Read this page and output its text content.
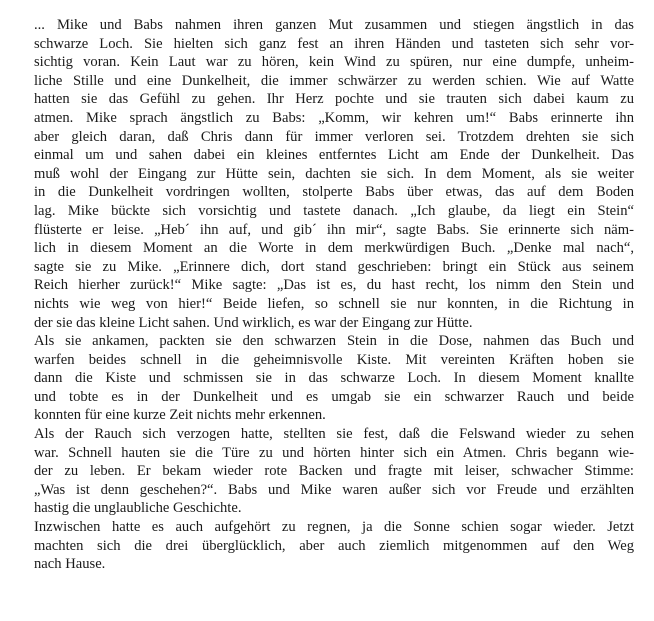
... Mike und Babs nahmen ihren ganzen Mut zusammen und stiegen ängstlich in das
schwarze Loch. Sie hielten sich ganz fest an ihren Händen und tasteten sich sehr vor-
sichtig voran. Kein Laut war zu hören, kein Wind zu spüren, nur eine dumpfe, unheim-
liche Stille und eine Dunkelheit, die immer schwärzer zu werden schien. Wie auf Watte
hatten sie das Gefühl zu gehen. Ihr Herz pochte und sie trauten sich dabei kaum zu
atmen. Mike sprach ängstlich zu Babs: „Komm, wir kehren um!“ Babs erinnerte ihn
aber gleich daran, daß Chris dann für immer verloren sei. Trotzdem drehten sie sich
einmal um und sahen dabei ein kleines entferntes Licht am Ende der Dunkelheit. Das
muß wohl der Eingang zur Hütte sein, dachten sie sich. In dem Moment, als sie weiter
in die Dunkelheit vordringen wollten, stolperte Babs über etwas, das auf dem Boden
lag. Mike bückte sich vorsichtig und tastete danach. „Ich glaube, da liegt ein Stein“
flüsterte er leise. „Heb´ ihn auf, und gib´ ihn mir“, sagte Babs. Sie erinnerte sich näm-
lich in diesem Moment an die Worte in dem merkwürdigen Buch. „Denke mal nach“,
sagte sie zu Mike. „Erinnere dich, dort stand geschrieben: bringt ein Stück aus seinem
Reich hierher zurück!“ Mike sagte: „Das ist es, du hast recht, los nimm den Stein und
nichts wie weg von hier!“ Beide liefen, so schnell sie nur konnten, in die Richtung in
der sie das kleine Licht sahen. Und wirklich, es war der Eingang zur Hütte.
Als sie ankamen, packten sie den schwarzen Stein in die Dose, nahmen das Buch und
warfen beides schnell in die geheimnisvolle Kiste. Mit vereinten Kräften hoben sie
dann die Kiste und schmissen sie in das schwarze Loch. In diesem Moment knallte
und tobte es in der Dunkelheit und es umgab sie ein schwarzer Rauch und beide
konnten für eine kurze Zeit nichts mehr erkennen.
Als der Rauch sich verzogen hatte, stellten sie fest, daß die Felswand wieder zu sehen
war. Schnell hauten sie die Türe zu und hörten hinter sich ein Atmen. Chris begann wie-
der zu leben. Er bekam wieder rote Backen und fragte mit leiser, schwacher Stimme:
„Was ist denn geschehen?“. Babs und Mike waren außer sich vor Freude und erzählten
hastig die unglaubliche Geschichte.
Inzwischen hatte es auch aufgehört zu regnen, ja die Sonne schien sogar wieder. Jetzt
machten sich die drei überglücklich, aber auch ziemlich mitgenommen auf den Weg
nach Hause.
